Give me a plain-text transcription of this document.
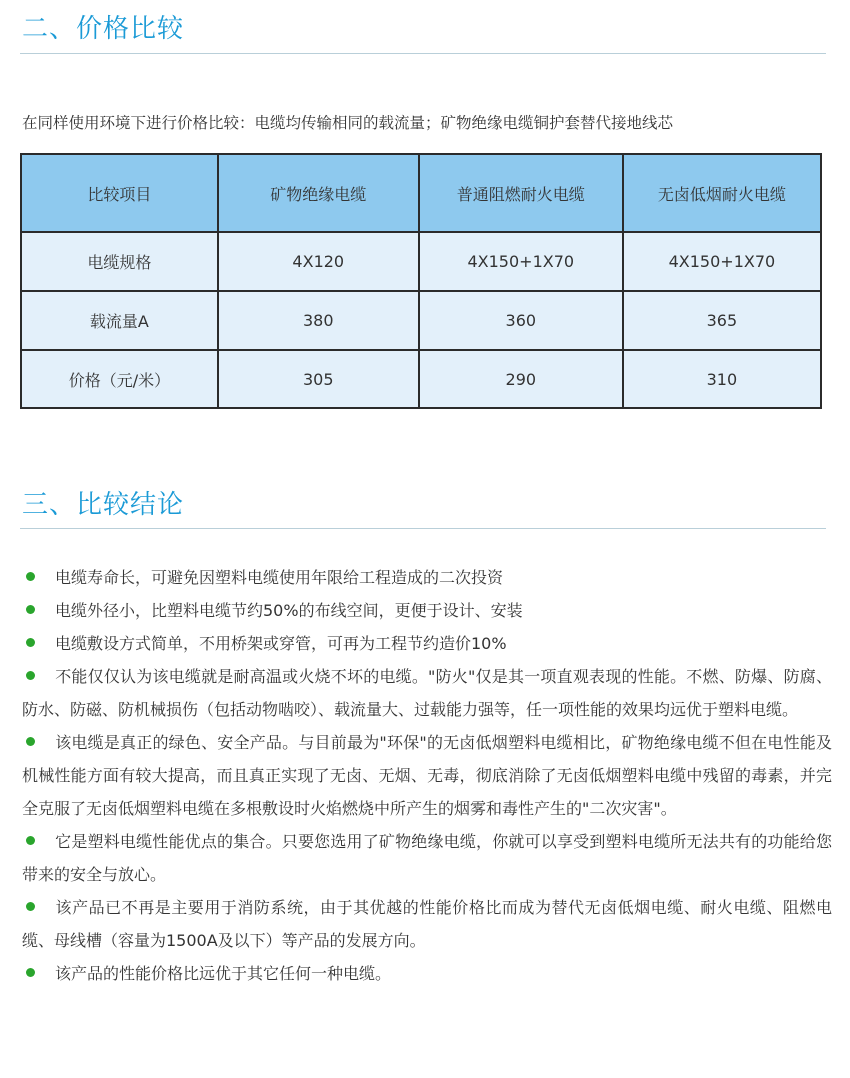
二、价格比较

在同样使用环境下进行价格比较：电缆均传输相同的载流量；矿物绝缘电缆铜护套替代接地线芯

比较项目	矿物绝缘电缆	普通阻燃耐火电缆	无卤低烟耐火电缆
电缆规格	4X120	4X150+1X70	4X150+1X70
载流量A	380	360	365
价格（元/米）	305	290	310
三、比较结论
电缆寿命长，可避免因塑料电缆使用年限给工程造成的二次投资
电缆外径小，比塑料电缆节约50%的布线空间，更便于设计、安装
电缆敷设方式简单，不用桥架或穿管，可再为工程节约造价10%
不能仅仅认为该电缆就是耐高温或火烧不坏的电缆。"防火"仅是其一项直观表现的性能。不燃、防爆、防腐、防水、防磁、防机械损伤（包括动物啮咬）、载流量大、过载能力强等，任一项性能的效果均远优于塑料电缆。
该电缆是真正的绿色、安全产品。与目前最为"环保"的无卤低烟塑料电缆相比，矿物绝缘电缆不但在电性能及机械性能方面有较大提高，而且真正实现了无卤、无烟、无毒，彻底消除了无卤低烟塑料电缆中残留的毒素，并完全克服了无卤低烟塑料电缆在多根敷设时火焰燃烧中所产生的烟雾和毒性产生的"二次灾害"。
它是塑料电缆性能优点的集合。只要您选用了矿物绝缘电缆，你就可以享受到塑料电缆所无法共有的功能给您带来的安全与放心。
该产品已不再是主要用于消防系统，由于其优越的性能价格比而成为替代无卤低烟电缆、耐火电缆、阻燃电缆、母线槽（容量为1500A及以下）等产品的发展方向。
该产品的性能价格比远优于其它任何一种电缆。
